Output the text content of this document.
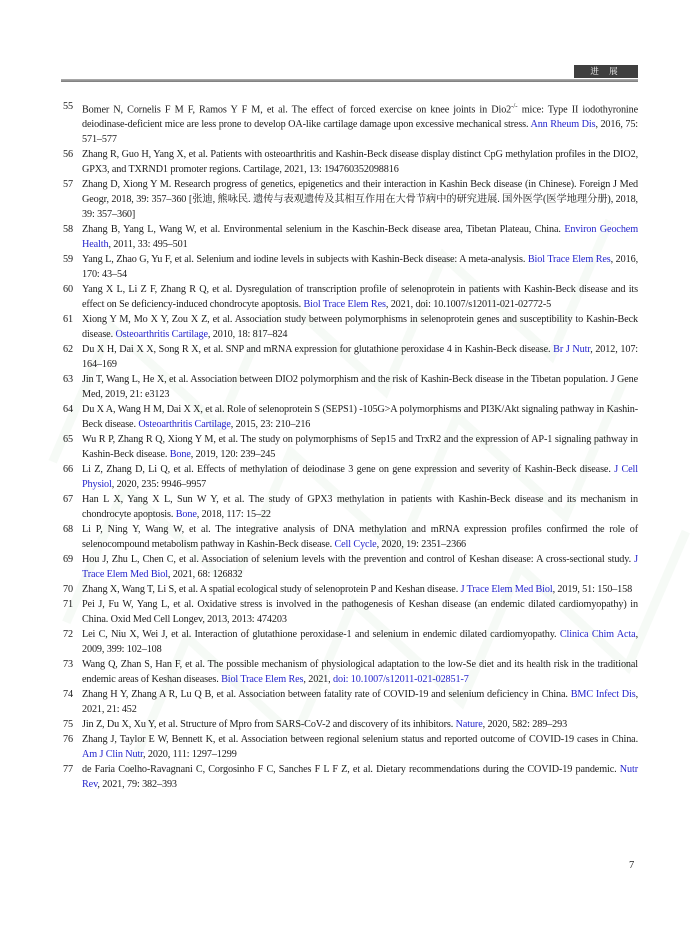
进 展
55 Bomer N, Cornelis F M F, Ramos Y F M, et al. The effect of forced exercise on knee joints in Dio2-/- mice: Type II iodothyronine deiodinase-deficient mice are less prone to develop OA-like cartilage damage upon excessive mechanical stress. Ann Rheum Dis, 2016, 75: 571–577
56 Zhang R, Guo H, Yang X, et al. Patients with osteoarthritis and Kashin-Beck disease display distinct CpG methylation profiles in the DIO2, GPX3, and TXRND1 promoter regions. Cartilage, 2021, 13: 194760352098816
57 Zhang D, Xiong Y M. Research progress of genetics, epigenetics and their interaction in Kashin Beck disease (in Chinese). Foreign J Med Geogr, 2018, 39: 357–360 [张迪, 熊咏民. 遗传与表观遗传及其相互作用在大骨节病中的研究进展. 国外医学(医学地理分册), 2018, 39: 357–360]
58 Zhang B, Yang L, Wang W, et al. Environmental selenium in the Kaschin-Beck disease area, Tibetan Plateau, China. Environ Geochem Health, 2011, 33: 495–501
59 Yang L, Zhao G, Yu F, et al. Selenium and iodine levels in subjects with Kashin-Beck disease: A meta-analysis. Biol Trace Elem Res, 2016, 170: 43–54
60 Yang X L, Li Z F, Zhang R Q, et al. Dysregulation of transcription profile of selenoprotein in patients with Kashin-Beck disease and its effect on Se deficiency-induced chondrocyte apoptosis. Biol Trace Elem Res, 2021, doi: 10.1007/s12011-021-02772-5
61 Xiong Y M, Mo X Y, Zou X Z, et al. Association study between polymorphisms in selenoprotein genes and susceptibility to Kashin-Beck disease. Osteoarthritis Cartilage, 2010, 18: 817–824
62 Du X H, Dai X X, Song R X, et al. SNP and mRNA expression for glutathione peroxidase 4 in Kashin-Beck disease. Br J Nutr, 2012, 107: 164–169
63 Jin T, Wang L, He X, et al. Association between DIO2 polymorphism and the risk of Kashin-Beck disease in the Tibetan population. J Gene Med, 2019, 21: e3123
64 Du X A, Wang H M, Dai X X, et al. Role of selenoprotein S (SEPS1) -105G>A polymorphisms and PI3K/Akt signaling pathway in Kashin-Beck disease. Osteoarthritis Cartilage, 2015, 23: 210–216
65 Wu R P, Zhang R Q, Xiong Y M, et al. The study on polymorphisms of Sep15 and TrxR2 and the expression of AP-1 signaling pathway in Kashin-Beck disease. Bone, 2019, 120: 239–245
66 Li Z, Zhang D, Li Q, et al. Effects of methylation of deiodinase 3 gene on gene expression and severity of Kashin-Beck disease. J Cell Physiol, 2020, 235: 9946–9957
67 Han L X, Yang X L, Sun W Y, et al. The study of GPX3 methylation in patients with Kashin-Beck disease and its mechanism in chondrocyte apoptosis. Bone, 2018, 117: 15–22
68 Li P, Ning Y, Wang W, et al. The integrative analysis of DNA methylation and mRNA expression profiles confirmed the role of selenocompound metabolism pathway in Kashin-Beck disease. Cell Cycle, 2020, 19: 2351–2366
69 Hou J, Zhu L, Chen C, et al. Association of selenium levels with the prevention and control of Keshan disease: A cross-sectional study. J Trace Elem Med Biol, 2021, 68: 126832
70 Zhang X, Wang T, Li S, et al. A spatial ecological study of selenoprotein P and Keshan disease. J Trace Elem Med Biol, 2019, 51: 150–158
71 Pei J, Fu W, Yang L, et al. Oxidative stress is involved in the pathogenesis of Keshan disease (an endemic dilated cardiomyopathy) in China. Oxid Med Cell Longev, 2013, 2013: 474203
72 Lei C, Niu X, Wei J, et al. Interaction of glutathione peroxidase-1 and selenium in endemic dilated cardiomyopathy. Clinica Chim Acta, 2009, 399: 102–108
73 Wang Q, Zhan S, Han F, et al. The possible mechanism of physiological adaptation to the low-Se diet and its health risk in the traditional endemic areas of Keshan diseases. Biol Trace Elem Res, 2021, doi: 10.1007/s12011-021-02851-7
74 Zhang H Y, Zhang A R, Lu Q B, et al. Association between fatality rate of COVID-19 and selenium deficiency in China. BMC Infect Dis, 2021, 21: 452
75 Jin Z, Du X, Xu Y, et al. Structure of Mpro from SARS-CoV-2 and discovery of its inhibitors. Nature, 2020, 582: 289–293
76 Zhang J, Taylor E W, Bennett K, et al. Association between regional selenium status and reported outcome of COVID-19 cases in China. Am J Clin Nutr, 2020, 111: 1297–1299
77 de Faria Coelho-Ravagnani C, Corgosinho F C, Sanches F L F Z, et al. Dietary recommendations during the COVID-19 pandemic. Nutr Rev, 2021, 79: 382–393
7
